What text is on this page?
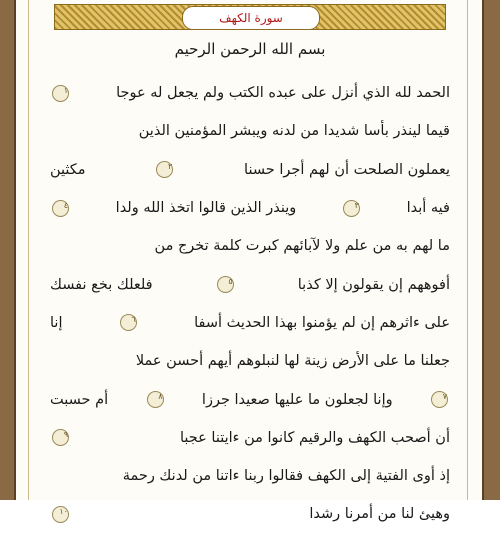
سورة الكهف
بسم الله الرحمن الرحيم
الحمد لله الذي أنزل على عبده الكتب ولم يجعل له عوجا
١
قيما لينذر بأسا شديدا من لدنه ويبشر المؤمنين الذين
يعملون الصلحت أن لهم أجرا حسنا
٢
مكثين
فيه أبدا
٣
وينذر الذين قالوا اتخذ الله ولدا
٤
ما لهم به من علم ولا لآبائهم كبرت كلمة تخرج من
أفوههم إن يقولون إلا كذبا
٥
فلعلك بخع نفسك
على ءاثرهم إن لم يؤمنوا بهذا الحديث أسفا
٦
إنا
جعلنا ما على الأرض زينة لها لنبلوهم أيهم أحسن عملا
٧
وإنا لجعلون ما عليها صعيدا جرزا
٨
أم حسبت
أن أصحب الكهف والرقيم كانوا من ءايتنا عجبا
٩
إذ أوى الفتية إلى الكهف فقالوا ربنا ءاتنا من لدنك رحمة
وهيئ لنا من أمرنا رشدا
١٠
